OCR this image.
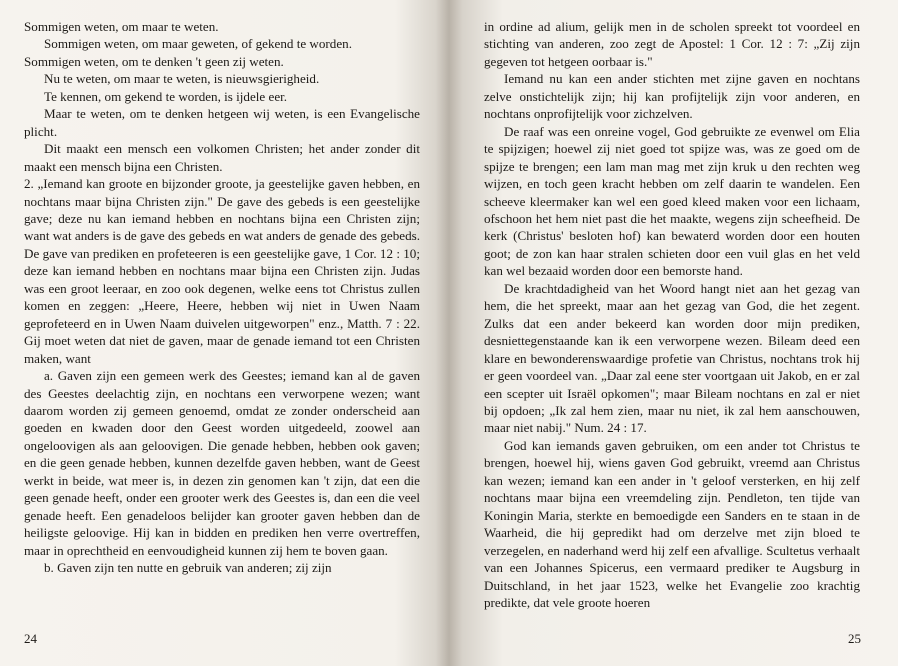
Sommigen weten, om maar te weten.

Sommigen weten, om maar geweten, of gekend te worden.

Sommigen weten, om te denken 't geen zij weten.

Nu te weten, om maar te weten, is nieuwsgierigheid.

Te kennen, om gekend te worden, is ijdele eer.

Maar te weten, om te denken hetgeen wij weten, is een Evangelische plicht.

Dit maakt een mensch een volkomen Christen; het ander zonder dit maakt een mensch bijna een Christen.

2. „Iemand kan groote en bijzonder groote, ja geestelijke gaven hebben, en nochtans maar bijna Christen zijn." De gave des gebeds is een geestelijke gave; deze nu kan iemand hebben en nochtans bijna een Christen zijn; want wat anders is de gave des gebeds en wat anders de genade des gebeds. De gave van prediken en profeteeren is een geestelijke gave, 1 Cor. 12 : 10; deze kan iemand hebben en nochtans maar bijna een Christen zijn. Judas was een groot leeraar, en zoo ook degenen, welke eens tot Christus zullen komen en zeggen: „Heere, Heere, hebben wij niet in Uwen Naam geprofeteerd en in Uwen Naam duivelen uitgeworpen" enz., Matth. 7 : 22. Gij moet weten dat niet de gaven, maar de genade iemand tot een Christen maken, want

a. Gaven zijn een gemeen werk des Geestes; iemand kan al de gaven des Geestes deelachtig zijn, en nochtans een verworpene wezen; want daarom worden zij gemeen genoemd, omdat ze zonder onderscheid aan goeden en kwaden door den Geest worden uitgedeeld, zoowel aan ongeloovigen als aan geloovigen. Die genade hebben, hebben ook gaven; en die geen genade hebben, kunnen dezelfde gaven hebben, want de Geest werkt in beide, wat meer is, in dezen zin genomen kan 't zijn, dat een die geen genade heeft, onder een grooter werk des Geestes is, dan een die veel genade heeft. Een genadeloos belijder kan grooter gaven hebben dan de heiligste geloovige. Hij kan in bidden en prediken hen verre overtreffen, maar in oprechtheid en eenvoudigheid kunnen zij hem te boven gaan.

b. Gaven zijn ten nutte en gebruik van anderen; zij zijn

24

in ordine ad alium, gelijk men in de scholen spreekt tot voordeel en stichting van anderen, zoo zegt de Apostel: 1 Cor. 12 : 7: „Zij zijn gegeven tot hetgeen oorbaar is."

Iemand nu kan een ander stichten met zijne gaven en nochtans zelve onstichtelijk zijn; hij kan profijtelijk zijn voor anderen, en nochtans onprofijtelijk voor zichzelven.

De raaf was een onreine vogel, God gebruikte ze evenwel om Elia te spijzigen; hoewel zij niet goed tot spijze was, was ze goed om de spijze te brengen; een lam man mag met zijn kruk u den rechten weg wijzen, en toch geen kracht hebben om zelf daarin te wandelen. Een scheeve kleermaker kan wel een goed kleed maken voor een lichaam, ofschoon het hem niet past die het maakte, wegens zijn scheefheid. De kerk (Christus' besloten hof) kan bewaterd worden door een houten goot; de zon kan haar stralen schieten door een vuil glas en het veld kan wel bezaaid worden door een bemorste hand.

De krachtdadigheid van het Woord hangt niet aan het gezag van hem, die het spreekt, maar aan het gezag van God, die het zegent. Zulks dat een ander bekeerd kan worden door mijn prediken, desniettegenstaande kan ik een verworpene wezen. Bileam deed een klare en bewonderenswaardige profetie van Christus, nochtans trok hij er geen voordeel van. „Daar zal eene ster voortgaan uit Jakob, en er zal een scepter uit Israël opkomen"; maar Bileam nochtans en zal er niet bij opdoen; „Ik zal hem zien, maar nu niet, ik zal hem aanschouwen, maar niet nabij." Num. 24 : 17.

God kan iemands gaven gebruiken, om een ander tot Christus te brengen, hoewel hij, wiens gaven God gebruikt, vreemd aan Christus kan wezen; iemand kan een ander in 't geloof versterken, en hij zelf nochtans maar bijna een vreemdeling zijn. Pendleton, ten tijde van Koningin Maria, sterkte en bemoedigde een Sanders en te staan in de Waarheid, die hij gepredikt had om derzelve met zijn bloed te verzegelen, en naderhand werd hij zelf een afvallige. Scultetus verhaalt van een Johannes Spicerus, een vermaard prediker te Augsburg in Duitschland, in het jaar 1523, welke het Evangelie zoo krachtig predikte, dat vele groote hoeren

25
